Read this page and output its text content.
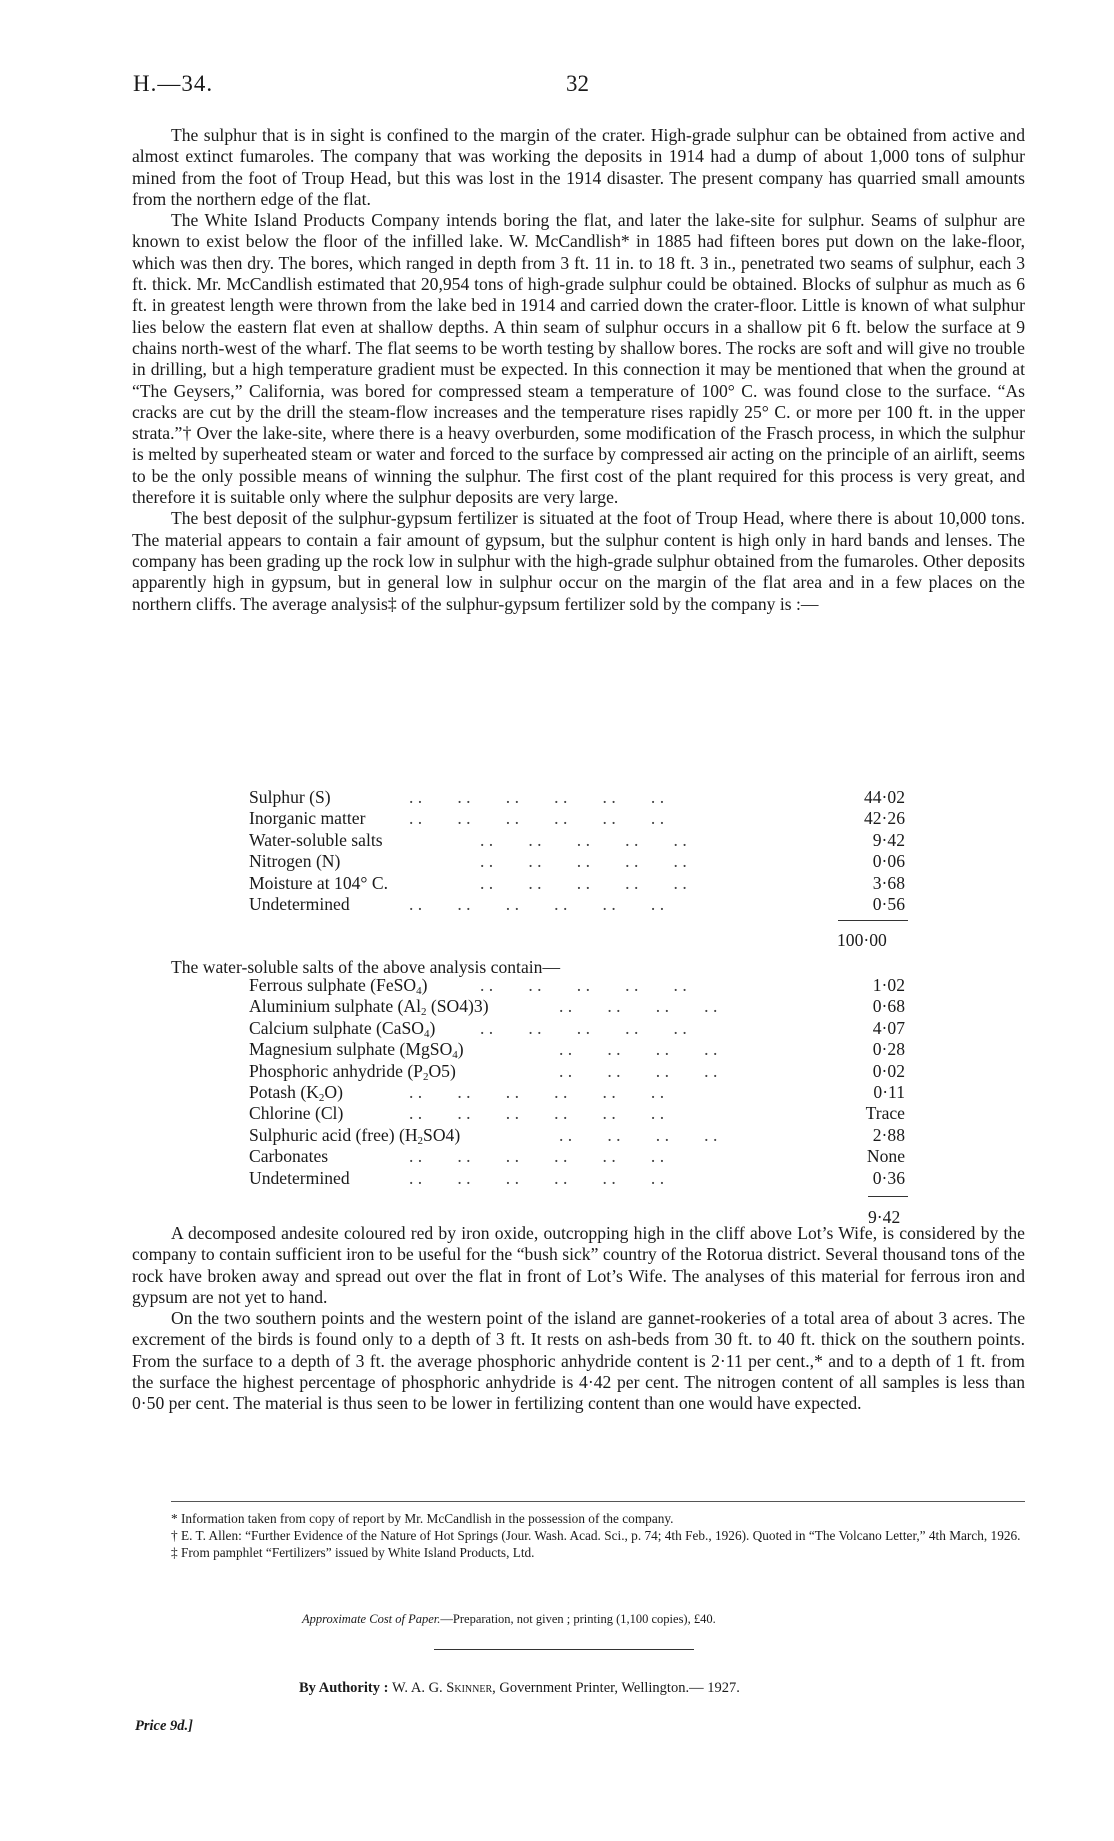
H.—34.	32

The sulphur that is in sight is confined to the margin of the crater. High-grade sulphur can be obtained from active and almost extinct fumaroles. The company that was working the deposits in 1914 had a dump of about 1,000 tons of sulphur mined from the foot of Troup Head, but this was lost in the 1914 disaster. The present company has quarried small amounts from the northern edge of the flat.

The White Island Products Company intends boring the flat, and later the lake-site for sulphur. Seams of sulphur are known to exist below the floor of the infilled lake. W. McCandlish* in 1885 had fifteen bores put down on the lake-floor, which was then dry. The bores, which ranged in depth from 3 ft. 11 in. to 18 ft. 3 in., penetrated two seams of sulphur, each 3 ft. thick. Mr. McCandlish estimated that 20,954 tons of high-grade sulphur could be obtained. Blocks of sulphur as much as 6 ft. in greatest length were thrown from the lake bed in 1914 and carried down the crater-floor. Little is known of what sulphur lies below the eastern flat even at shallow depths. A thin seam of sulphur occurs in a shallow pit 6 ft. below the surface at 9 chains north-west of the wharf. The flat seems to be worth testing by shallow bores. The rocks are soft and will give no trouble in drilling, but a high temperature gradient must be expected. In this connection it may be mentioned that when the ground at “The Geysers,” California, was bored for compressed steam a temperature of 100° C. was found close to the surface. “As cracks are cut by the drill the steam-flow increases and the temperature rises rapidly 25° C. or more per 100 ft. in the upper strata.”† Over the lake-site, where there is a heavy overburden, some modification of the Frasch process, in which the sulphur is melted by superheated steam or water and forced to the surface by compressed air acting on the principle of an airlift, seems to be the only possible means of winning the sulphur. The first cost of the plant required for this process is very great, and therefore it is suitable only where the sulphur deposits are very large.

The best deposit of the sulphur-gypsum fertilizer is situated at the foot of Troup Head, where there is about 10,000 tons. The material appears to contain a fair amount of gypsum, but the sulphur content is high only in hard bands and lenses. The company has been grading up the rock low in sulphur with the high-grade sulphur obtained from the fumaroles. Other deposits apparently high in gypsum, but in general low in sulphur occur on the margin of the flat area and in a few places on the northern cliffs. The average analysis‡ of the sulphur-gypsum fertilizer sold by the company is :—

Sulphur (S)	. .        . .        . .        . .        . .        . .	44·02
Inorganic matter . .        . .        . .        . .        . .        . .	42·26
Water-soluble salts	. .        . .        . .        . .        . .	9·42
Nitrogen (N)	. .        . .        . .        . .        . .	0·06
Moisture at 104° C.	. .        . .        . .        . .        . .	3·68
Undetermined	. .        . .        . .        . .        . .        . .	0·56
100·00
The water-soluble salts of the above analysis contain—
Ferrous sulphate (FeSO$_4$)	. .        . .        . .        . .        . .	1·02
Aluminium sulphate ($Al_2$ (SO4)3)	. .        . .        . .        . .	0·68
Calcium sulphate (CaSO$_4$)	. .        . .        . .        . .        . .	4·07
Magnesium sulphate (MgSO$_4$)	. .        . .        . .        . .	0·28
Phosphoric anhydride $(P_2O5)$	. .        . .        . .        . .	0·02
Potash $(K_2O)$	. .        . .        . .        . .        . .        . .	0·11
Chlorine (Cl)	. .        . .        . .        . .        . .        . .	Trace
Sulphuric acid (free) $(H_2SO4)$	. .        . .        . .        . .	2·88
Carbonates	. .        . .        . .        . .        . .        . .	None
Undetermined	. .        . .        . .        . .        . .        . .	0·36
9·42

A decomposed andesite coloured red by iron oxide, outcropping high in the cliff above Lot’s Wife, is considered by the company to contain sufficient iron to be useful for the “bush sick” country of the Rotorua district. Several thousand tons of the rock have broken away and spread out over the flat in front of Lot’s Wife. The analyses of this material for ferrous iron and gypsum are not yet to hand.

On the two southern points and the western point of the island are gannet-rookeries of a total area of about 3 acres. The excrement of the birds is found only to a depth of 3 ft. It rests on ash-beds from 30 ft. to 40 ft. thick on the southern points. From the surface to a depth of 3 ft. the average phosphoric anhydride content is 2·11 per cent.,* and to a depth of 1 ft. from the surface the highest percentage of phosphoric anhydride is 4·42 per cent. The nitrogen content of all samples is less than 0·50 per cent. The material is thus seen to be lower in fertilizing content than one would have expected.

* Information taken from copy of report by Mr. McCandlish in the possession of the company.

† E. T. Allen: “Further Evidence of the Nature of Hot Springs (Jour. Wash. Acad. Sci., p. 74; 4th Feb., 1926). Quoted in “The Volcano Letter,” 4th March, 1926.

‡ From pamphlet “Fertilizers” issued by White Island Products, Ltd.

Approximate Cost of Paper.—Preparation, not given ; printing (1,100 copies), £40.
By Authority : W. A. G. Skinner, Government Printer, Wellington.— 1927.
Price 9d.]
